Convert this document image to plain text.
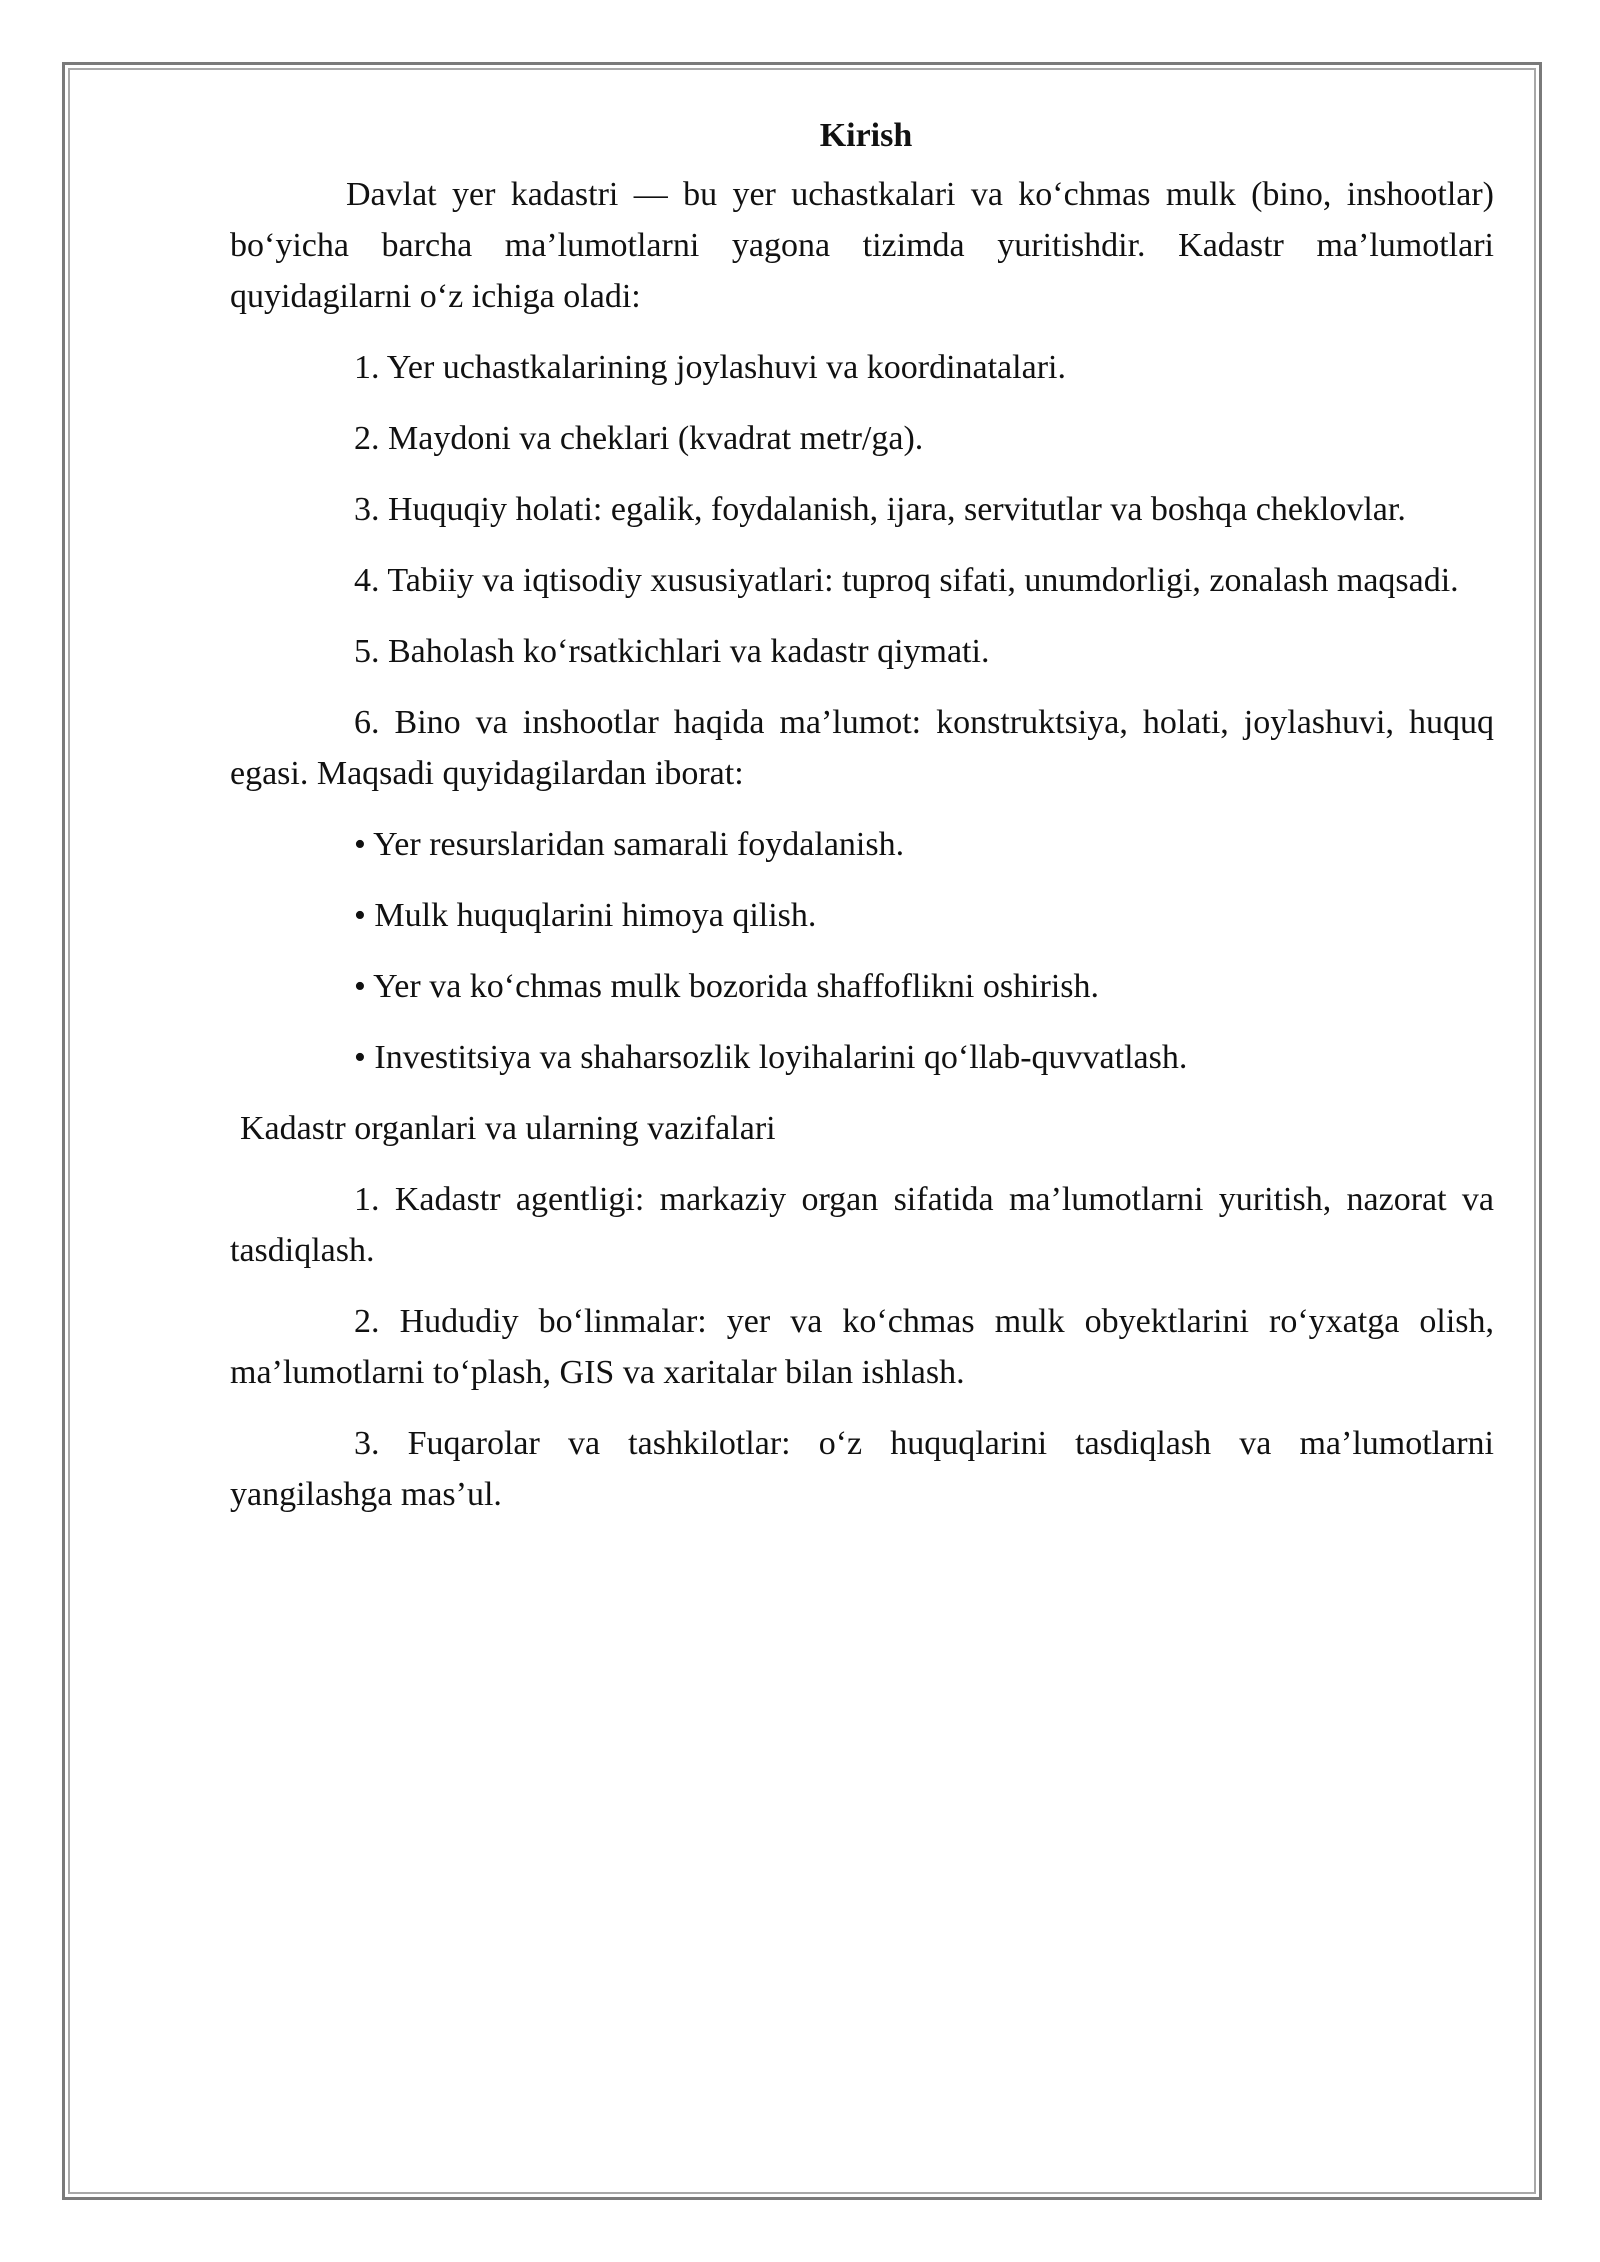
Kirish

Davlat yer kadastri — bu yer uchastkalari va ko‘chmas mulk (bino, inshootlar) bo‘yicha barcha ma’lumotlarni yagona tizimda yuritishdir. Kadastr ma’lumotlari quyidagilarni o‘z ichiga oladi:

1. Yer uchastkalarining joylashuvi va koordinatalari.

2. Maydoni va cheklari (kvadrat metr/ga).

3. Huquqiy holati: egalik, foydalanish, ijara, servitutlar va boshqa cheklovlar.

4. Tabiiy va iqtisodiy xususiyatlari: tuproq sifati, unumdorligi, zonalash maqsadi.

5. Baholash ko‘rsatkichlari va kadastr qiymati.

6. Bino va inshootlar haqida ma’lumot: konstruktsiya, holati, joylashuvi, huquq egasi. Maqsadi quyidagilardan iborat:

• Yer resurslaridan samarali foydalanish.

• Mulk huquqlarini himoya qilish.

• Yer va ko‘chmas mulk bozorida shaffoflikni oshirish.

• Investitsiya va shaharsozlik loyihalarini qo‘llab-quvvatlash.

Kadastr organlari va ularning vazifalari

1. Kadastr agentligi: markaziy organ sifatida ma’lumotlarni yuritish, nazorat va tasdiqlash.

2. Hududiy bo‘linmalar: yer va ko‘chmas mulk obyektlarini ro‘yxatga olish, ma’lumotlarni to‘plash, GIS va xaritalar bilan ishlash.

3. Fuqarolar va tashkilotlar: o‘z huquqlarini tasdiqlash va ma’lumotlarni yangilashga mas’ul.
